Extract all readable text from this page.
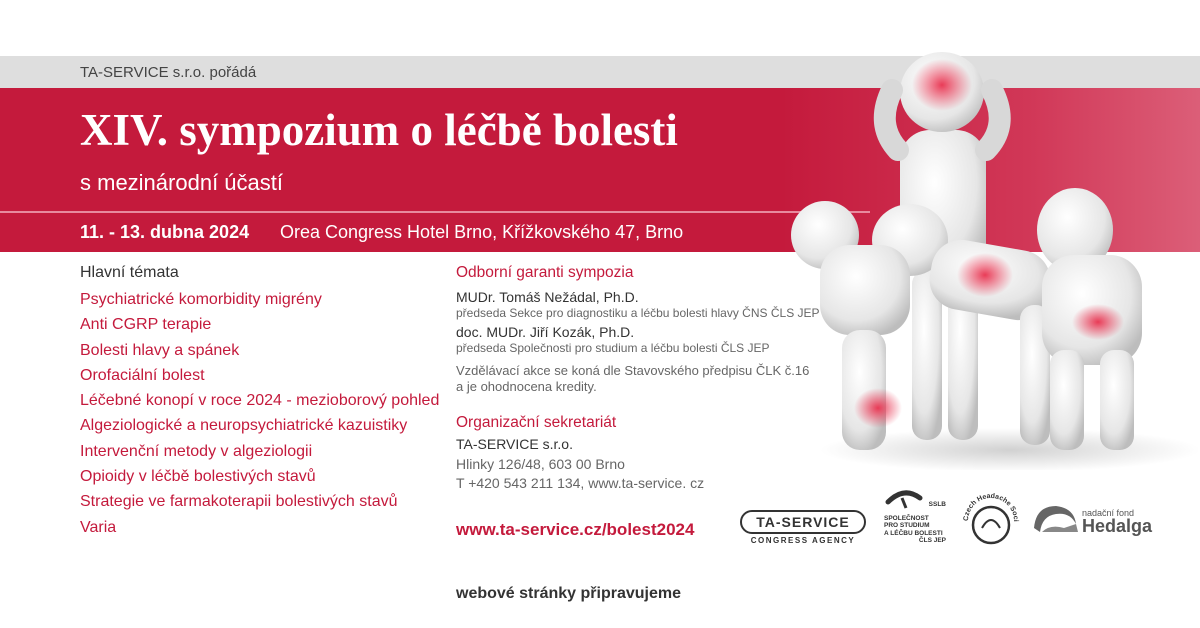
TA-SERVICE s.r.o. pořádá
XIV. sympozium o léčbě bolesti
s mezinárodní účastí
11. - 13. dubna 2024 Orea Congress Hotel Brno, Křížkovského 47, Brno
Hlavní témata
Psychiatrické komorbidity migrény
Anti CGRP terapie
Bolesti hlavy a spánek
Orofaciální bolest
Léčebné konopí v roce 2024 - mezioborový pohled
Algeziologické a neuropsychiatrické kazuistiky
Intervenční metody v algeziologii
Opioidy v léčbě bolestivých stavů
Strategie ve farmakoterapii bolestivých stavů
Varia
Odborní garanti sympozia
MUDr. Tomáš Nežádal, Ph.D.
předseda Sekce pro diagnostiku a léčbu bolesti hlavy ČNS ČLS JEP
doc. MUDr. Jiří Kozák, Ph.D.
předseda Společnosti pro studium a léčbu bolesti ČLS JEP
Vzdělávací akce se koná dle Stavovského předpisu ČLK č.16
a je ohodnocena kredity.
Organizační sekretariát
TA-SERVICE s.r.o.
Hlinky 126/48, 603 00 Brno
T +420 543 211 134, www.ta-service. cz
www.ta-service.cz/bolest2024
webové stránky připravujeme
TA-SERVICE
CONGRESS AGENCY
SSLB
SPOLEČNOST
PRO STUDIUM
A LÉČBU BOLESTI
ČLS JEP
Czech Headache Soci
nadační fond
Hedalga
